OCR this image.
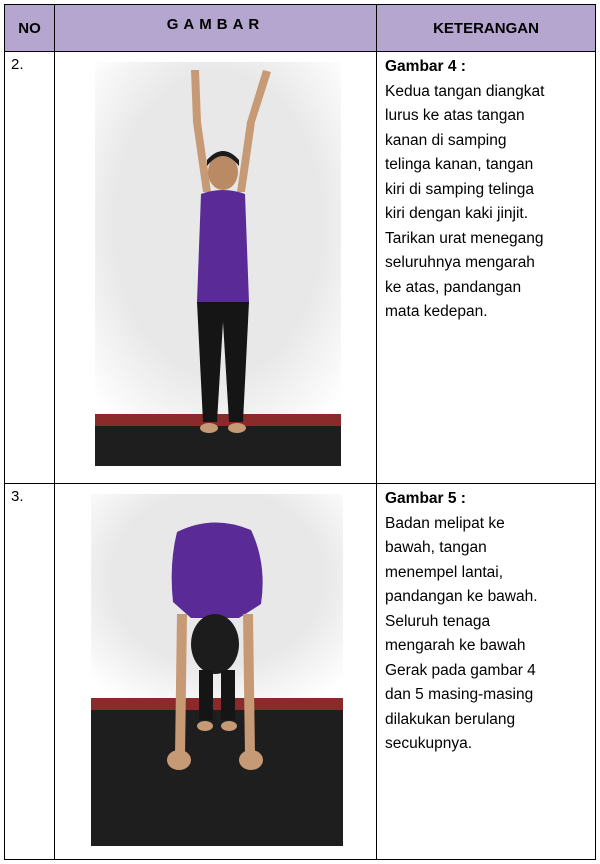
NO	GAMBAR	KETERANGAN
2.	Gambar 4 :
Kedua tangan diangkat
lurus ke atas tangan
kanan di samping
telinga kanan, tangan
kiri di samping telinga
kiri dengan kaki jinjit.
Tarikan urat menegang
seluruhnya mengarah
ke atas, pandangan
mata kedepan.
3.	Gambar 5 :
Badan melipat ke
bawah, tangan
menempel lantai,
pandangan ke bawah.
Seluruh tenaga
mengarah ke bawah
Gerak pada gambar 4
dan 5 masing-masing
dilakukan berulang
secukupnya.
